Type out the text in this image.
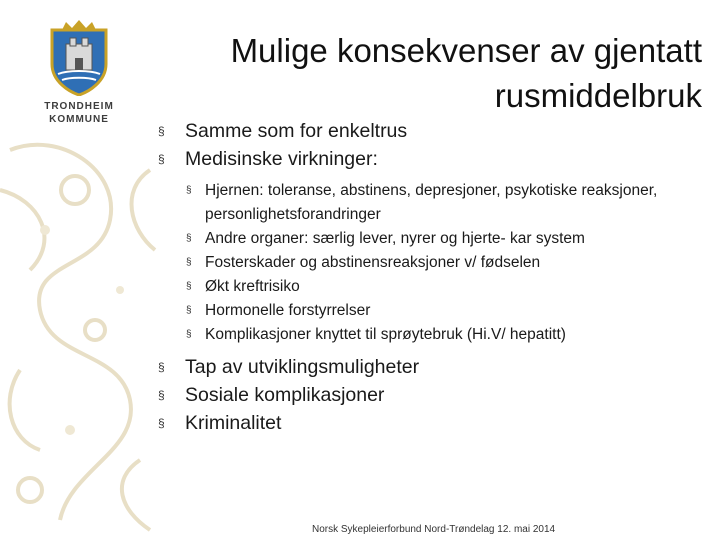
TRONDHEIM
KOMMUNE
Mulige konsekvenser av gjentatt
rusmiddelbruk
§	Samme som for enkeltrus
§	Medisinske virkninger:
§ Hjernen: toleranse, abstinens, depresjoner, psykotiske reaksjoner, personlighetsforandringer
§ Andre organer: særlig lever, nyrer og hjerte- kar system
§ Fosterskader og abstinensreaksjoner v/ fødselen
§ Økt kreftrisiko
§ Hormonelle forstyrrelser
§ Komplikasjoner knyttet til sprøytebruk (Hi.V/ hepatitt)
§	Tap av utviklingsmuligheter
§	Sosiale komplikasjoner
§	Kriminalitet
Norsk Sykepleierforbund Nord-Trøndelag 12. mai 2014
